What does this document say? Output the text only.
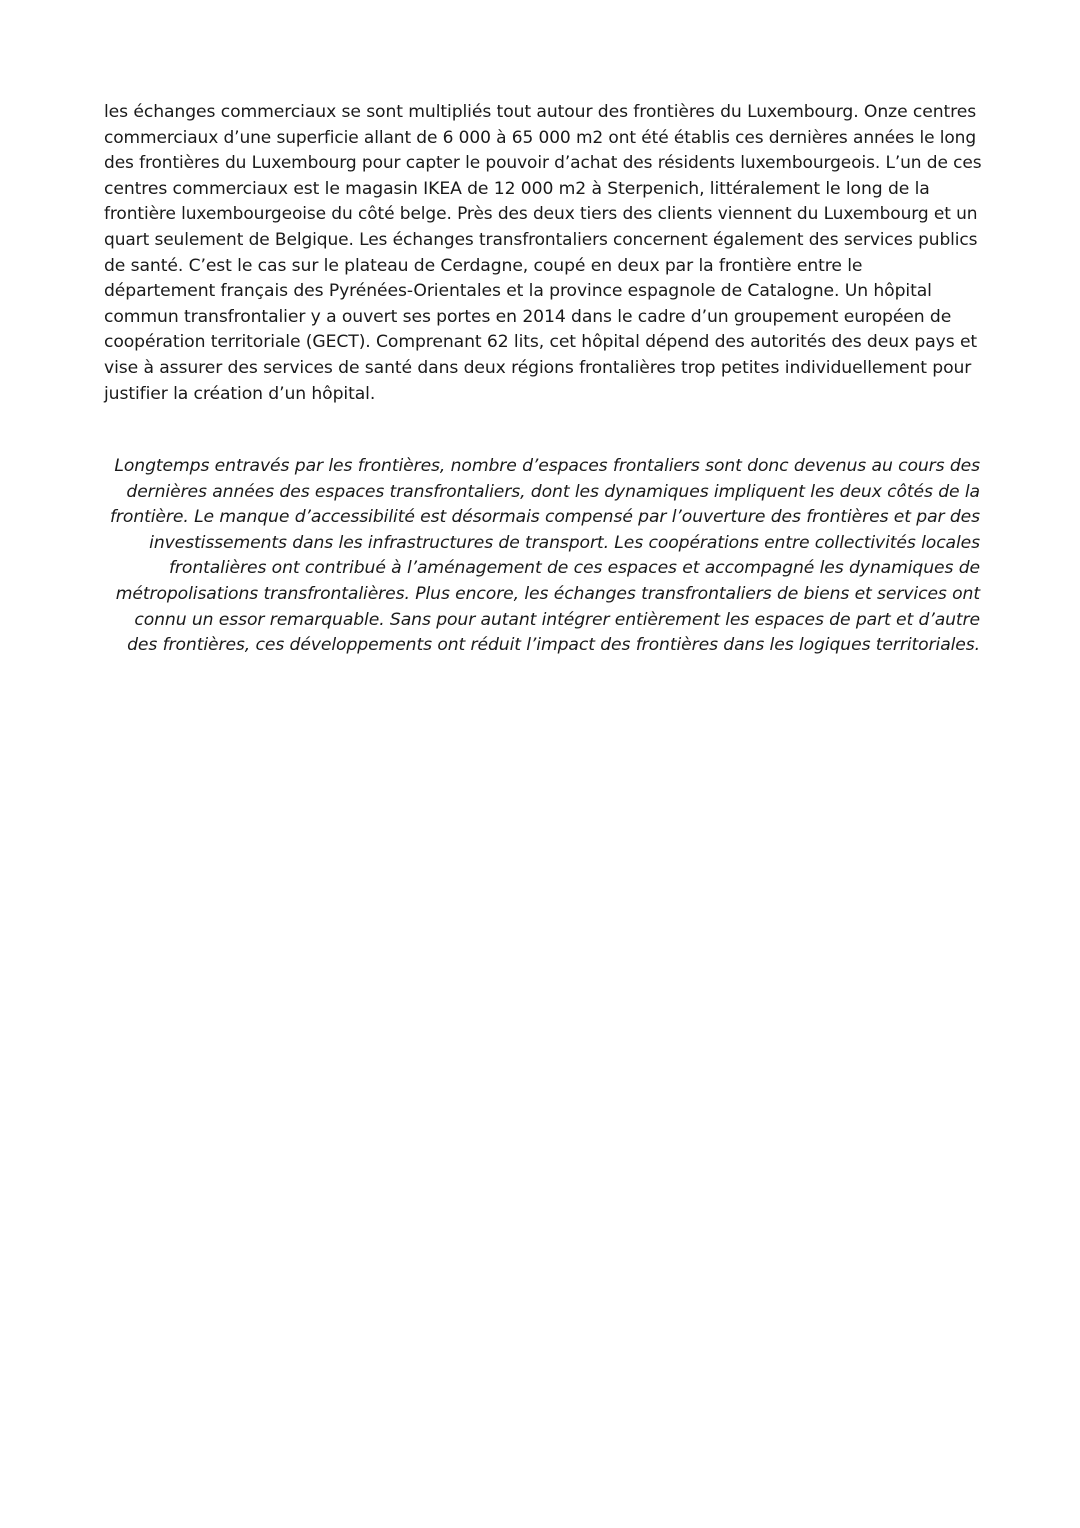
les échanges commerciaux se sont multipliés tout autour des frontières du Luxembourg. Onze centres
commerciaux d’une superficie allant de 6 000 à 65 000 m2 ont été établis ces dernières années le long
des frontières du Luxembourg pour capter le pouvoir d’achat des résidents luxembourgeois. L’un de ces
centres commerciaux est le magasin IKEA de 12 000 m2 à Sterpenich, littéralement le long de la
frontière luxembourgeoise du côté belge. Près des deux tiers des clients viennent du Luxembourg et un
quart seulement de Belgique. Les échanges transfrontaliers concernent également des services publics
de santé. C’est le cas sur le plateau de Cerdagne, coupé en deux par la frontière entre le
département français des Pyrénées-Orientales et la province espagnole de Catalogne. Un hôpital
commun transfrontalier y a ouvert ses portes en 2014 dans le cadre d’un groupement européen de
coopération territoriale (GECT). Comprenant 62 lits, cet hôpital dépend des autorités des deux pays et
vise à assurer des services de santé dans deux régions frontalières trop petites individuellement pour
justifier la création d’un hôpital.
Longtemps entravés par les frontières, nombre d’espaces frontaliers sont donc devenus au cours des
dernières années des espaces transfrontaliers, dont les dynamiques impliquent les deux côtés de la
frontière. Le manque d’accessibilité est désormais compensé par l’ouverture des frontières et par des
investissements dans les infrastructures de transport. Les coopérations entre collectivités locales
frontalières ont contribué à l’aménagement de ces espaces et accompagné les dynamiques de
métropolisations transfrontalières. Plus encore, les échanges transfrontaliers de biens et services ont
connu un essor remarquable. Sans pour autant intégrer entièrement les espaces de part et d’autre
des frontières, ces développements ont réduit l’impact des frontières dans les logiques territoriales.
